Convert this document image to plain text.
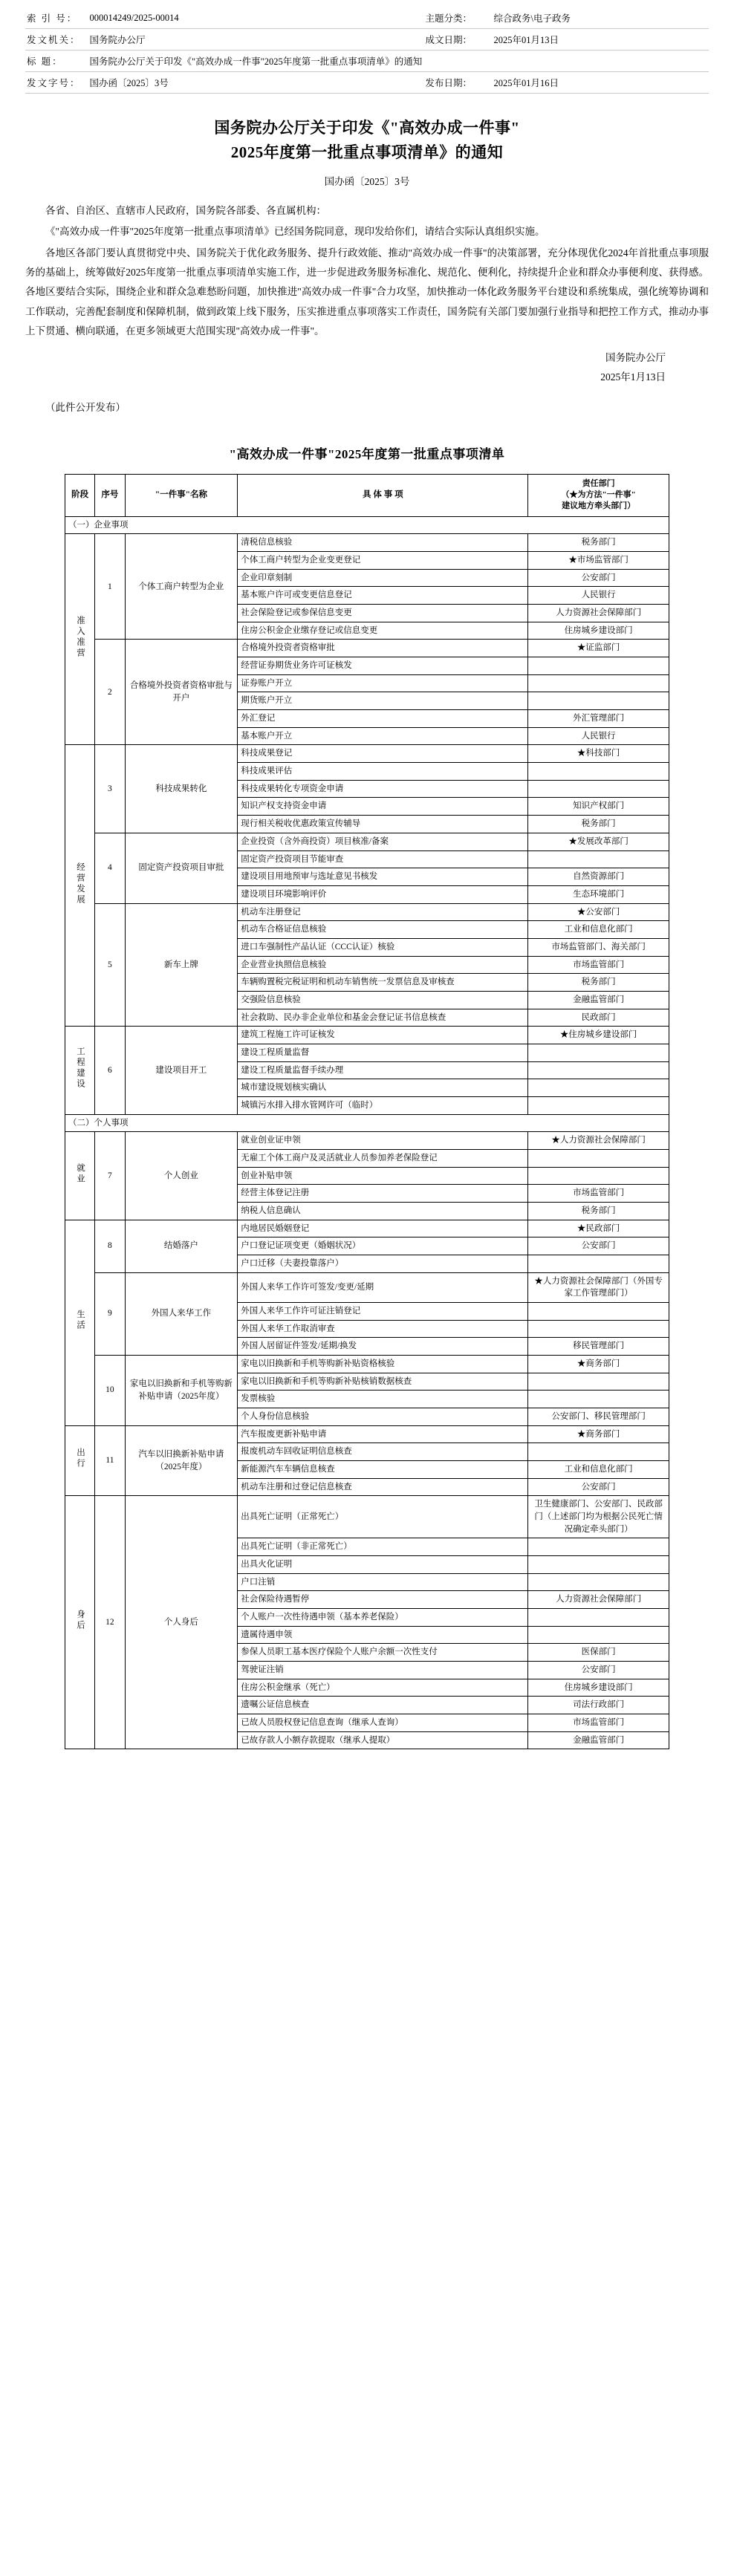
索 引 号：	000014249/2025-00014	主题分类：	综合政务\电子政务
发文机关：	国务院办公厅	成文日期：	2025年01月13日
标 题：	国务院办公厅关于印发《"高效办成一件事"2025年度第一批重点事项清单》的通知		
发文字号：	国办函〔2025〕3号	发布日期：	2025年01月16日
国务院办公厅关于印发《"高效办成一件事"
2025年度第一批重点事项清单》的通知
国办函〔2025〕3号

各省、自治区、直辖市人民政府，国务院各部委、各直属机构：

《"高效办成一件事"2025年度第一批重点事项清单》已经国务院同意，现印发给你们，请结合实际认真组织实施。

各地区各部门要认真贯彻党中央、国务院关于优化政务服务、提升行政效能、推动"高效办成一件事"的决策部署，充分体现优化2024年首批重点事项服务的基础上，统筹做好2025年度第一批重点事项清单实施工作，进一步促进政务服务标准化、规范化、便利化，持续提升企业和群众办事便利度、获得感。各地区要结合实际，围绕企业和群众急难愁盼问题，加快推进"高效办成一件事"合力攻坚，加快推动一体化政务服务平台建设和系统集成，强化统筹协调和工作联动，完善配套制度和保障机制，做到政策上线下服务，压实推进重点事项落实工作责任，国务院有关部门要加强行业指导和把控工作方式，推动办事上下贯通、横向联通，在更多领域更大范围实现"高效办成一件事"。

国务院办公厅
2025年1月13日
（此件公开发布）
"高效办成一件事"2025年度第一批重点事项清单
阶段	序号	"一件事"名称	具 体 事 项	责任部门
（★为方法"一件事"
建议地方牵头部门）

（一）企业事项				
准入准营	1	个体工商户转型为企业	清税信息核验	税务部门
			个体工商户转型为企业变更登记	★市场监管部门
			企业印章刻制	公安部门
			基本账户许可或变更信息登记	人民银行
			社会保险登记或参保信息变更	人力资源社会保障部门
			住房公积金企业缴存登记或信息变更	住房城乡建设部门
	2	合格境外投资者资格审批与开户	合格境外投资者资格审批	★证监部门
			经营证券期货业务许可证核发	
			证券账户开立	
			期货账户开立	
			外汇登记	外汇管理部门
			基本账户开立	人民银行
经营发展	3	科技成果转化	科技成果登记	★科技部门
			科技成果评估	
			科技成果转化专项资金申请	
			知识产权支持资金申请	知识产权部门
			现行相关税收优惠政策宣传辅导	税务部门
	4	固定资产投资项目审批	企业投资（含外商投资）项目核准/备案	★发展改革部门
			固定资产投资项目节能审查	
			建设项目用地预审与选址意见书核发	自然资源部门
			建设项目环境影响评价	生态环境部门
	5	新车上牌	机动车注册登记	★公安部门
			机动车合格证信息核验	工业和信息化部门
			进口车强制性产品认证（CCC认证）核验	市场监管部门、海关部门
			企业营业执照信息核验	市场监管部门
			车辆购置税完税证明和机动车销售统一发票信息及审核查	税务部门
			交强险信息核验	金融监管部门
			社会救助、民办非企业单位和基金会登记证书信息核查	民政部门
工程建设	6	建设项目开工	建筑工程施工许可证核发	★住房城乡建设部门
			建设工程质量监督	
			建设工程质量监督手续办理	
			城市建设规划核实确认	
			城镇污水排入排水管网许可（临时）	
（二）个人事项				
就业	7	个人创业	就业创业证申领	★人力资源社会保障部门
			无雇工个体工商户及灵活就业人员参加养老保险登记	
			创业补贴申领	
			经营主体登记注册	市场监管部门
			纳税人信息确认	税务部门
生活	8	结婚落户	内地居民婚姻登记	★民政部门
			户口登记证项变更（婚姻状况）	公安部门
			户口迁移（夫妻投靠落户）	
	9	外国人来华工作	外国人来华工作许可签发/变更/延期	★人力资源社会保障部门（外国专家工作管理部门）
			外国人来华工作许可证注销登记	
			外国人来华工作取消审查	
			外国人居留证件签发/延期/换发	移民管理部门
	10	家电以旧换新和手机等购新补贴申请（2025年度）	家电以旧换新和手机等购新补贴资格核验	★商务部门
			家电以旧换新和手机等购新补贴核销数据核查	
			发票核验	
			个人身份信息核验	公安部门、移民管理部门
出行	11	汽车以旧换新补贴申请（2025年度）	汽车报废更新补贴申请	★商务部门
			报废机动车回收证明信息核查	
			新能源汽车车辆信息核查	工业和信息化部门
			机动车注册和过登记信息核查	公安部门
身后	12	个人身后	出具死亡证明（正常死亡）	卫生健康部门、公安部门、民政部门（上述部门均为根据公民死亡情况确定牵头部门）
			出具死亡证明（非正常死亡）	
			出具火化证明	
			户口注销	
			社会保险待遇暂停	人力资源社会保障部门
			个人账户一次性待遇申领（基本养老保险）	
			遗属待遇申领	
			参保人员职工基本医疗保险个人账户余额一次性支付	医保部门
			驾驶证注销	公安部门
			住房公积金继承（死亡）	住房城乡建设部门
			遗嘱公证信息核查	司法行政部门
			已故人员股权登记信息查询（继承人查询）	市场监管部门
			已故存款人小额存款提取（继承人提取）	金融监管部门
